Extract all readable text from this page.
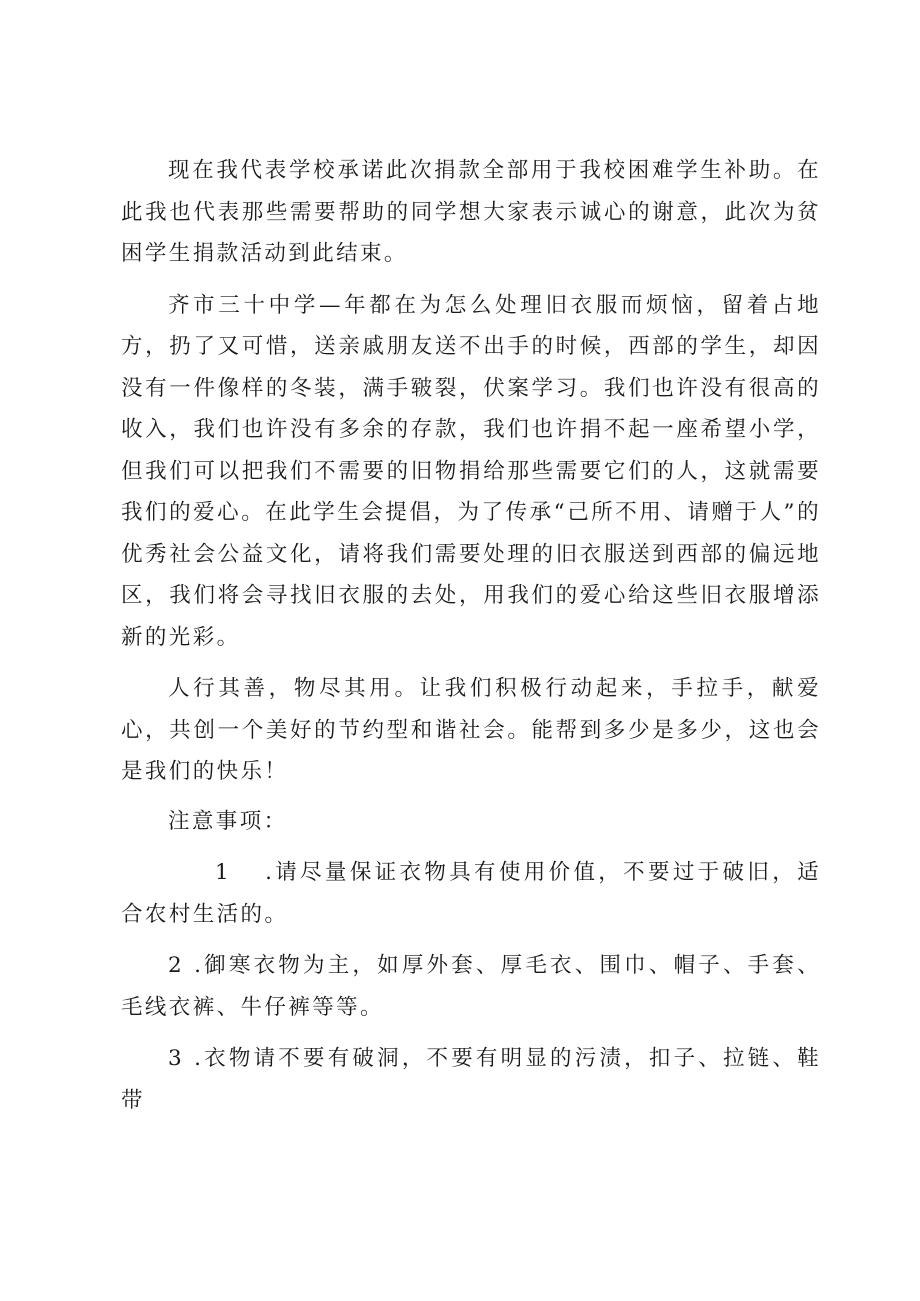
现在我代表学校承诺此次捐款全部用于我校困难学生补助。在此我也代表那些需要帮助的同学想大家表示诚心的谢意，此次为贫困学生捐款活动到此结束。

齐市三十中学—年都在为怎么处理旧衣服而烦恼，留着占地方，扔了又可惜，送亲戚朋友送不出手的时候，西部的学生，却因没有一件像样的冬装，满手皲裂，伏案学习。我们也许没有很高的收入，我们也许没有多余的存款，我们也许捐不起一座希望小学，但我们可以把我们不需要的旧物捐给那些需要它们的人，这就需要我们的爱心。在此学生会提倡，为了传承“己所不用、请赠于人”的优秀社会公益文化，请将我们需要处理的旧衣服送到西部的偏远地区，我们将会寻找旧衣服的去处，用我们的爱心给这些旧衣服增添新的光彩。

人行其善，物尽其用。让我们积极行动起来，手拉手，献爱心，共创一个美好的节约型和谐社会。能帮到多少是多少，这也会是我们的快乐！

注意事项：

1 .请尽量保证衣物具有使用价值，不要过于破旧，适合农村生活的。

2 .御寒衣物为主，如厚外套、厚毛衣、围巾、帽子、手套、毛线衣裤、牛仔裤等等。

3 .衣物请不要有破洞，不要有明显的污渍，扣子、拉链、鞋带
